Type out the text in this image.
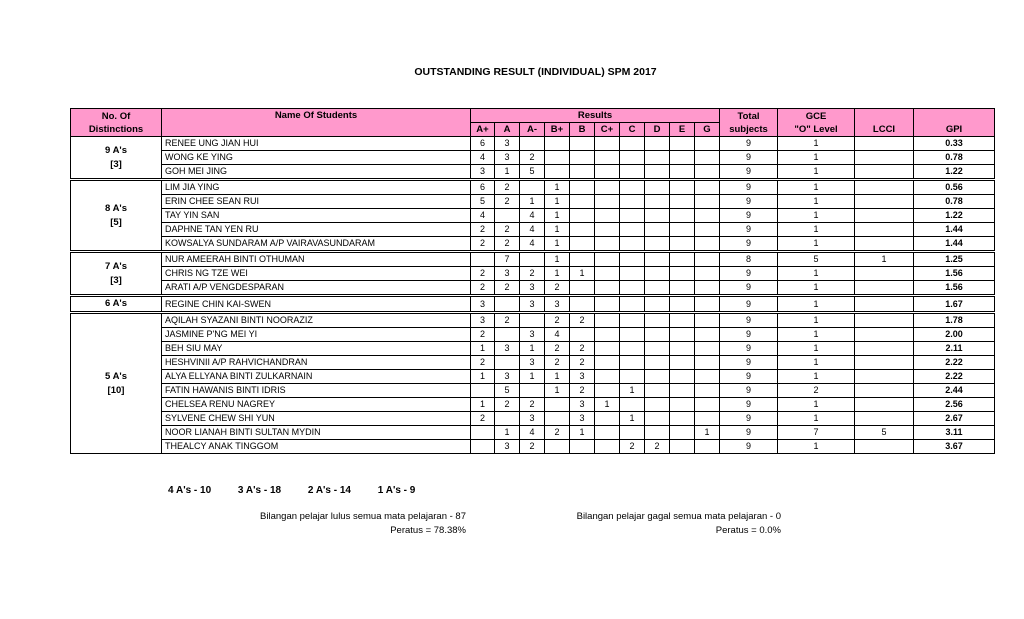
OUTSTANDING RESULT (INDIVIDUAL) SPM 2017
No. Of
Distinctions	Name Of Students	Results										Total
subjects	GCE
"O" Level	LCCI	GPI
		A+	A	A-	B+	B	C+	C	D	E	G				

9 A's
[3]	RENEE UNG JIAN HUI	6	3									9	1		0.33
	WONG KE YING	4	3	2								9	1		0.78
	GOH MEI JING	3	1	5								9	1		1.22

8 A's
[5]	LIM JIA YING	6	2		1							9	1		0.56
	ERIN CHEE SEAN RUI	5	2	1	1							9	1		0.78
	TAY YIN SAN	4		4	1							9	1		1.22
	DAPHNE TAN YEN RU	2	2	4	1							9	1		1.44
	KOWSALYA SUNDARAM A/P VAIRAVASUNDARAM	2	2	4	1							9	1		1.44

7 A's
[3]	NUR AMEERAH BINTI OTHUMAN		7		1							8	5	1	1.25
	CHRIS NG TZE WEI	2	3	2	1	1						9	1		1.56
	ARATI A/P VENGDESPARAN	2	2	3	2							9	1		1.56

6 A's	REGINE CHIN KAI-SWEN	3		3	3							9	1		1.67

5 A's
[10]	AQILAH SYAZANI BINTI NOORAZIZ	3	2		2	2						9	1		1.78
	JASMINE P'NG MEI YI	2		3	4							9	1		2.00
	BEH SIU MAY	1	3	1	2	2						9	1		2.11
	HESHVINII A/P RAHVICHANDRAN	2		3	2	2						9	1		2.22
	ALYA ELLYANA BINTI ZULKARNAIN	1	3	1	1	3						9	1		2.22
	FATIN HAWANIS BINTI IDRIS		5		1	2		1				9	2		2.44
	CHELSEA RENU NAGREY	1	2	2		3	1					9	1		2.56
	SYLVENE CHEW SHI YUN	2		3		3		1				9	1		2.67
	NOOR LIANAH BINTI SULTAN MYDIN		1	4	2	1					1	9	7	5	3.11
	THEALCY ANAK TINGGOM		3	2				2	2			9	1		3.67
4 A's - 10	3 A's - 18	2 A's - 14	1 A's - 9
Bilangan pelajar lulus semua mata pelajaran - 87
Peratus = 78.38%
Bilangan pelajar gagal semua mata pelajaran - 0
Peratus = 0.0%
